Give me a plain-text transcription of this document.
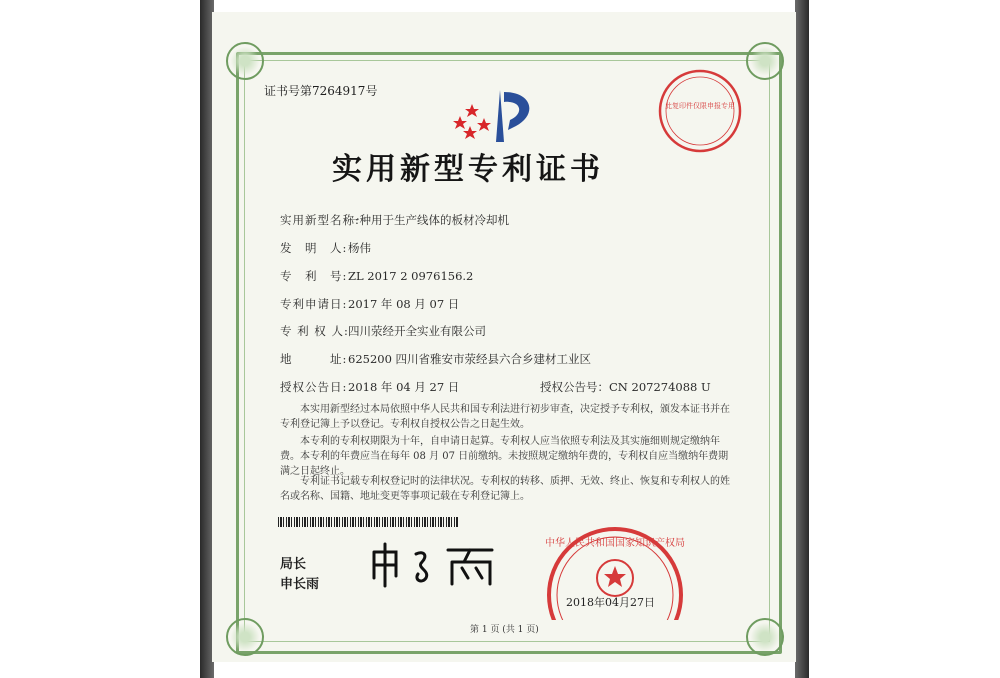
证书号第7264917号
此复印件仅限申报专用
实用新型专利证书
实用新型名称:一种用于生产线体的板材冷却机
发　明　人:杨伟
专　利　号:ZL 2017 2 0976156.2
专利申请日:2017 年 08 月 07 日
专 利 权 人:四川荥经开全实业有限公司
地　　　址:625200 四川省雅安市荥经县六合乡建材工业区
授权公告日:2018 年 04 月 27 日	授权公告号：CN 207274088 U
本实用新型经过本局依照中华人民共和国专利法进行初步审查，决定授予专利权，颁发本证书并在专利登记簿上予以登记。专利权自授权公告之日起生效。
本专利的专利权期限为十年，自申请日起算。专利权人应当依照专利法及其实施细则规定缴纳年费。本专利的年费应当在每年 08 月 07 日前缴纳。未按照规定缴纳年费的，专利权自应当缴纳年费期满之日起终止。
专利证书记载专利权登记时的法律状况。专利权的转移、质押、无效、终止、恢复和专利权人的姓名或名称、国籍、地址变更等事项记载在专利登记簿上。
局长
申长雨
中华人民共和国国家知识产权局
2018年04月27日
第 1 页 (共 1 页)
